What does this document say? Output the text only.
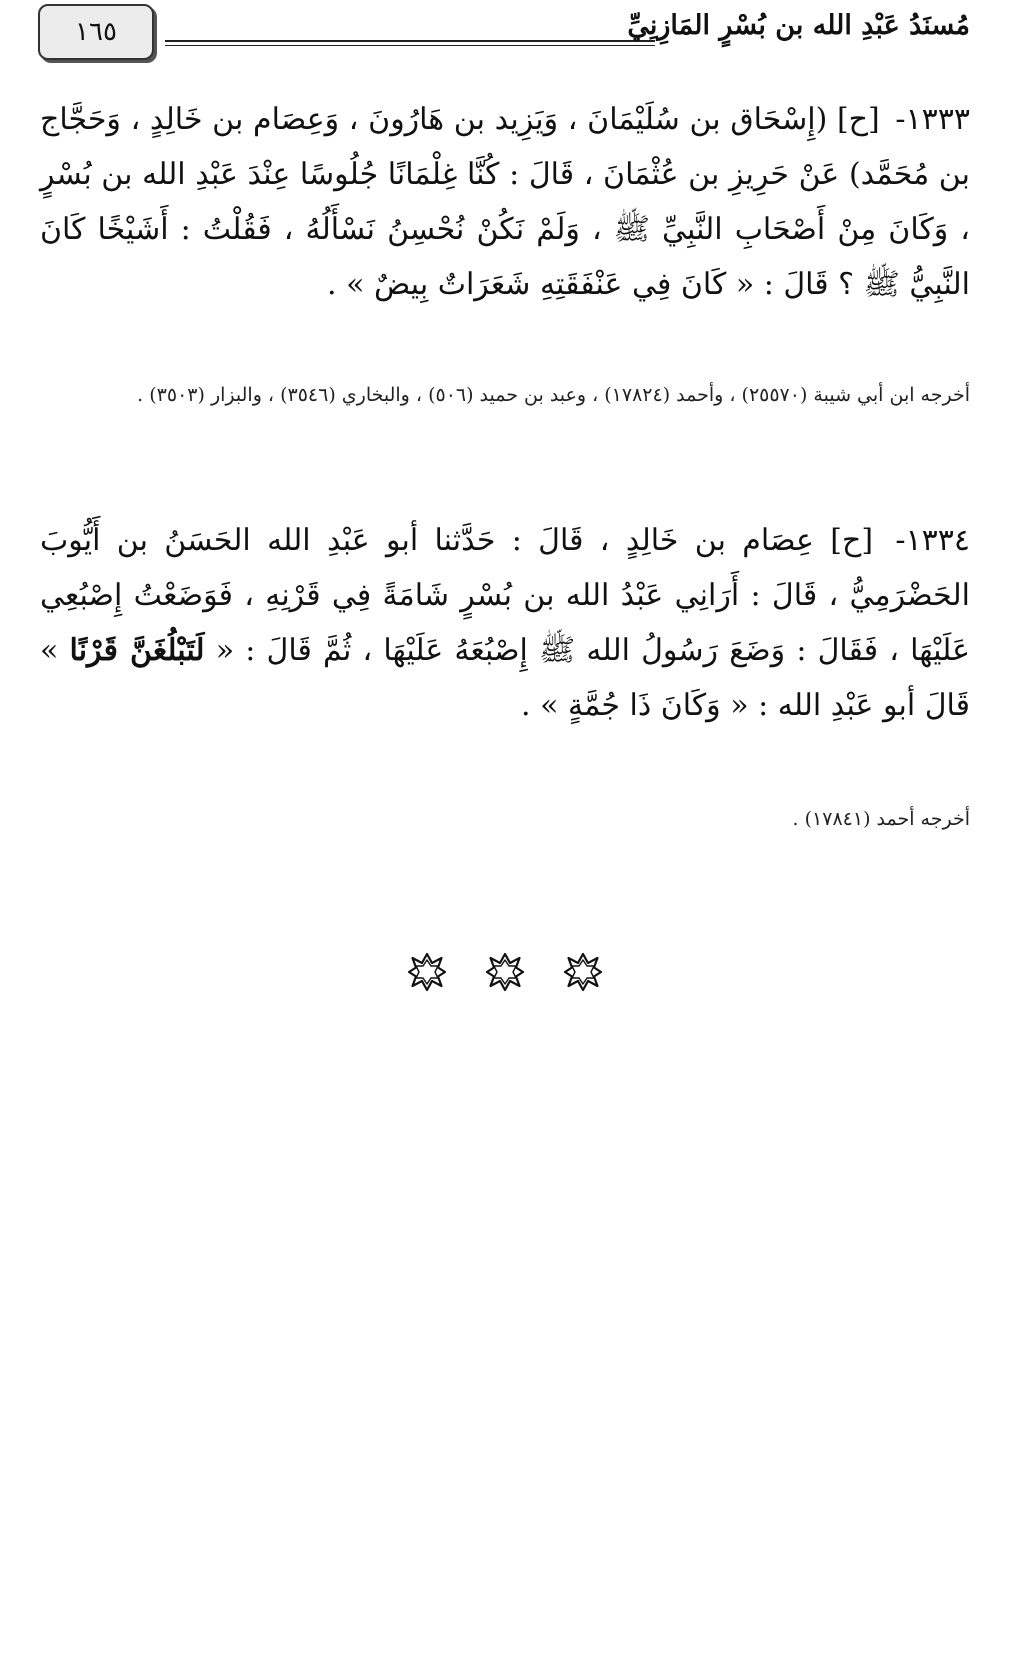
١٦٥	مُسنَدُ عَبْدِ الله بن بُسْرٍ المَازِنِيِّ
١٣٣٣- [ح] (إِسْحَاق بن سُلَيْمَانَ ، وَيَزِيد بن هَارُونَ ، وَعِصَام بن خَالِدٍ ، وَحَجَّاج بن مُحَمَّد) عَنْ حَرِيزِ بن عُثْمَانَ ، قَالَ : كُنَّا غِلْمَانًا جُلُوسًا عِنْدَ عَبْدِ الله بن بُسْرٍ ، وَكَانَ مِنْ أَصْحَابِ النَّبِيِّ ﷺ ، وَلَمْ نَكُنْ نُحْسِنُ نَسْأَلُهُ ، فَقُلْتُ : أَشَيْخًا كَانَ النَّبِيُّ ﷺ ؟ قَالَ : « كَانَ فِي عَنْفَقَتِهِ شَعَرَاتٌ بِيضٌ » .
أخرجه ابن أبي شيبة (٢٥٥٧٠) ، وأحمد (١٧٨٢٤) ، وعبد بن حميد (٥٠٦) ، والبخاري (٣٥٤٦) ، والبزار (٣٥٠٣) .
١٣٣٤- [ح] عِصَام بن خَالِدٍ ، قَالَ : حَدَّثنا أبو عَبْدِ الله الحَسَنُ بن أَيُّوبَ الحَضْرَمِيُّ ، قَالَ : أَرَانِي عَبْدُ الله بن بُسْرٍ شَامَةً فِي قَرْنِهِ ، فَوَضَعْتُ إِصْبُعِي عَلَيْهَا ، فَقَالَ : وَضَعَ رَسُولُ الله ﷺ إِصْبُعَهُ عَلَيْهَا ، ثُمَّ قَالَ : « لَتَبْلُغَنَّ قَرْنًا » قَالَ أبو عَبْدِ الله : « وَكَانَ ذَا جُمَّةٍ » .
أخرجه أحمد (١٧٨٤١) .
